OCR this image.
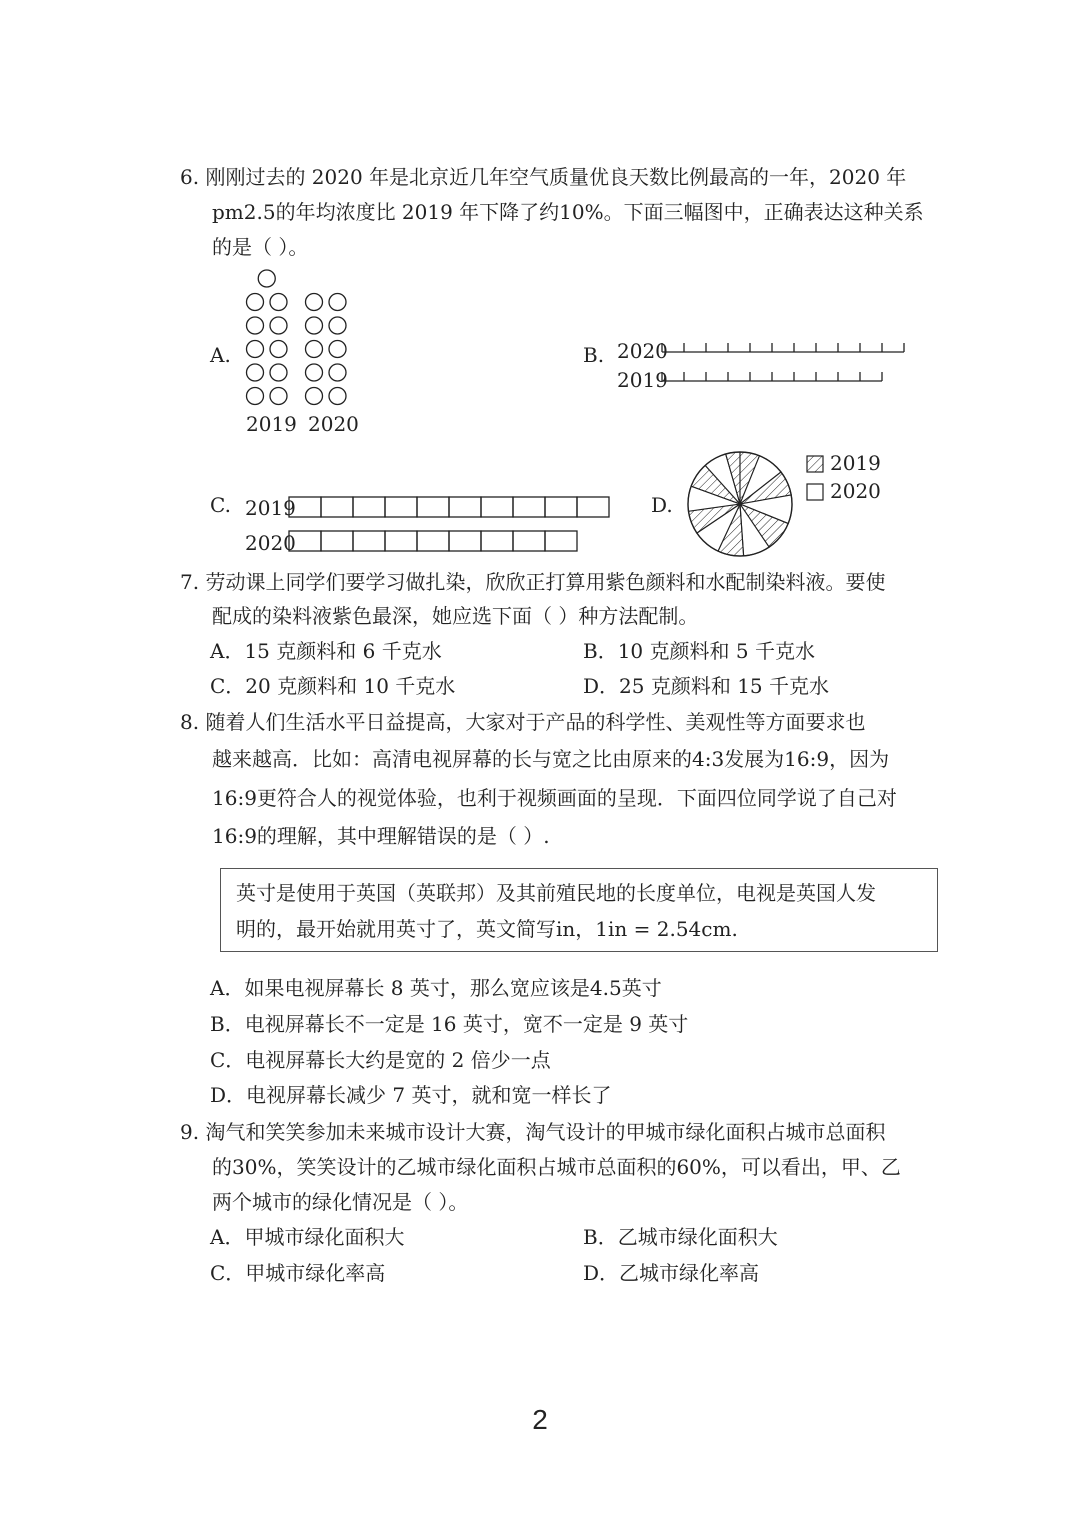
6. 刚刚过去的 2020 年是北京近几年空气质量优良天数比例最高的一年，2020 年
pm2.5的年均浓度比 2019 年下降了约10%。下面三幅图中，正确表达这种关系
的是（ ）。
A.
2019 2020
B. 2020
2019
C. 2019
2020
D.
2019
2020
7. 劳动课上同学们要学习做扎染，欣欣正打算用紫色颜料和水配制染料液。要使
配成的染料液紫色最深，她应选下面（ ）种方法配制。
A．15 克颜料和 6 千克水	B．10 克颜料和 5 千克水
C．20 克颜料和 10 千克水	D．25 克颜料和 15 千克水
8. 随着人们生活水平日益提高，大家对于产品的科学性、美观性等方面要求也
越来越高．比如：高清电视屏幕的长与宽之比由原来的4:3发展为16:9，因为
16:9更符合人的视觉体验，也利于视频画面的呈现．下面四位同学说了自己对
16:9的理解，其中理解错误的是（ ）.
英寸是使用于英国（英联邦）及其前殖民地的长度单位，电视是英国人发
明的，最开始就用英寸了，英文简写in，1in = 2.54cm.
A．如果电视屏幕长 8 英寸，那么宽应该是4.5英寸
B．电视屏幕长不一定是 16 英寸，宽不一定是 9 英寸
C．电视屏幕长大约是宽的 2 倍少一点
D．电视屏幕长减少 7 英寸，就和宽一样长了
9. 淘气和笑笑参加未来城市设计大赛，淘气设计的甲城市绿化面积占城市总面积
的30%，笑笑设计的乙城市绿化面积占城市总面积的60%，可以看出，甲、乙
两个城市的绿化情况是（ ）。
A．甲城市绿化面积大	B．乙城市绿化面积大
C．甲城市绿化率高	D．乙城市绿化率高
2
